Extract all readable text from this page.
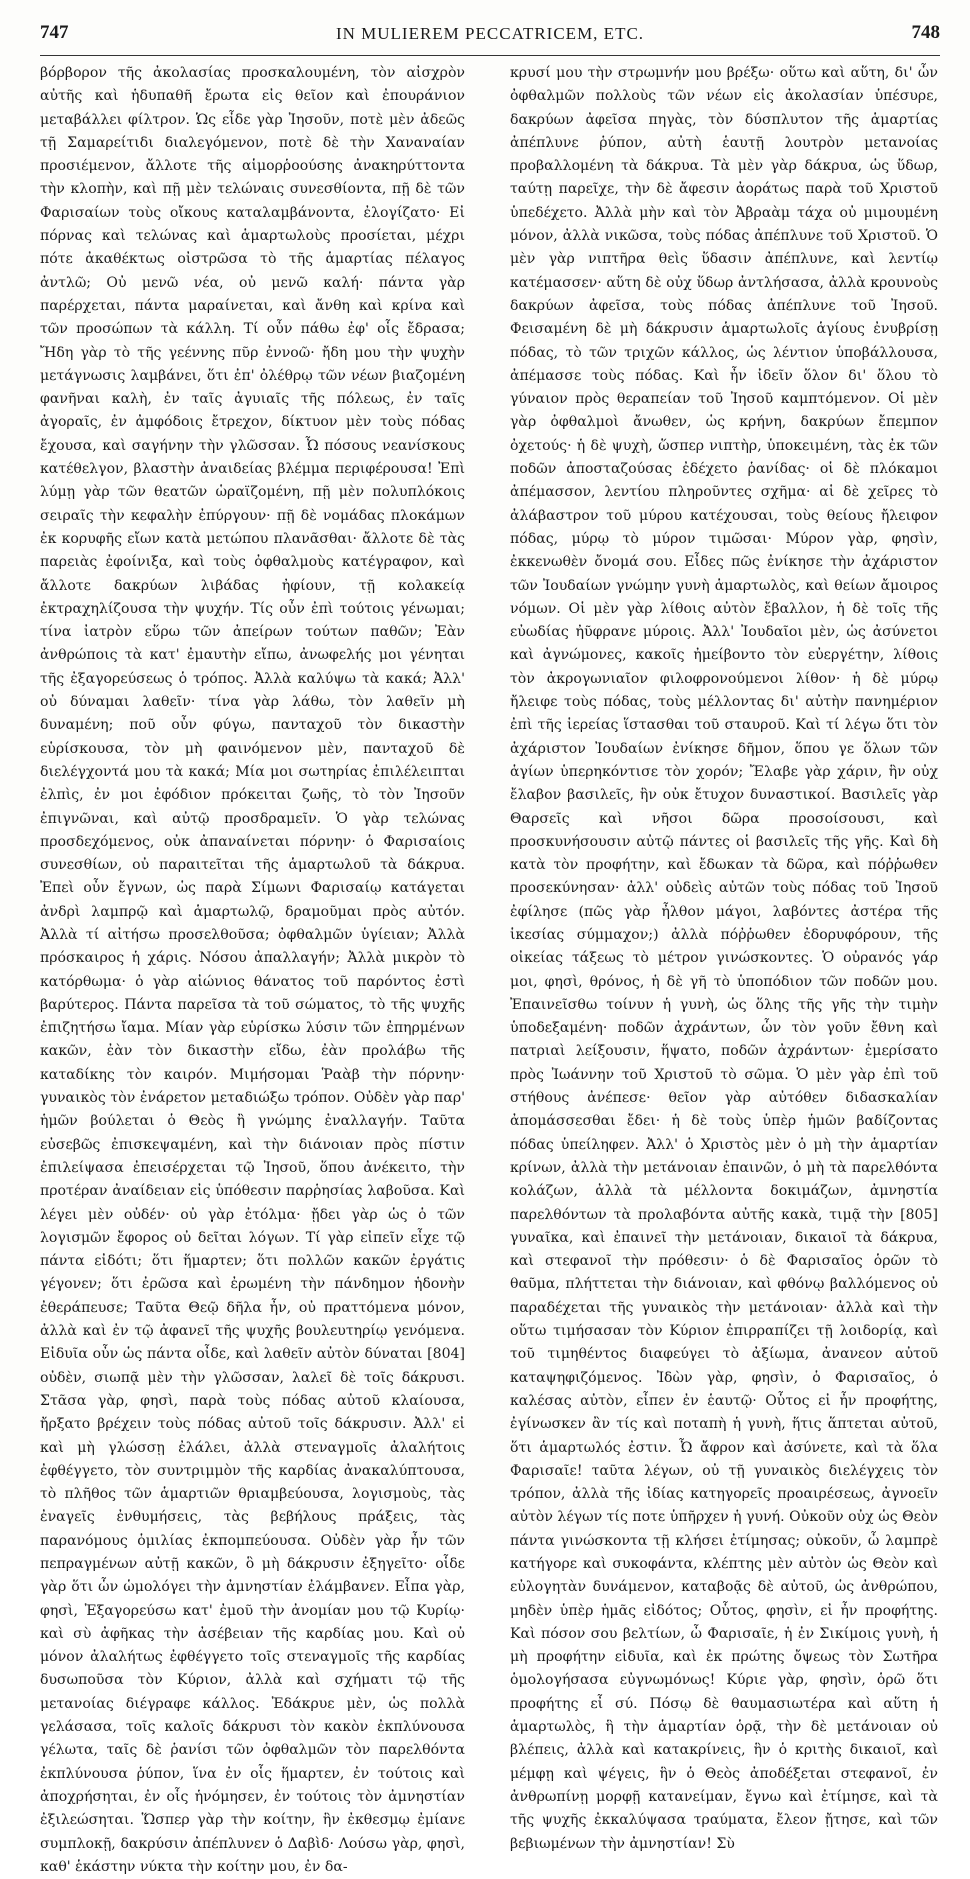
747	IN MULIEREM PECCATRICEM, ETC.	748

βόρβορον τῆς ἀκολασίας προσκαλουμένη, τὸν αἰσχρὸν αὐτῆς καὶ ἡδυπαθῆ ἔρωτα εἰς θεῖον καὶ ἐπουράνιον μεταβάλλει φίλτρον. Ὡς εἶδε γὰρ Ἰησοῦν, ποτὲ μὲν ἀδεῶς τῇ Σαμαρείτιδι διαλεγόμενον, ποτὲ δὲ τὴν Χαναναίαν προσιέμενον, ἄλλοτε τῆς αἱμορῥοούσης ἀνακηρύττοντα τὴν κλοπὴν, καὶ πῇ μὲν τελώναις συνεσθίοντα, πῇ δὲ τῶν Φαρισαίων τοὺς οἴκους καταλαμβάνοντα, ἐλογίζατο· Εἰ πόρνας καὶ τελώνας καὶ ἁμαρτωλοὺς προσίεται, μέχρι πότε ἀκαθέκτως οἰστρῶσα τὸ τῆς ἁμαρτίας πέλαγος ἀντλῶ; Οὐ μενῶ νέα, οὐ μενῶ καλή· πάντα γὰρ παρέρχεται, πάντα μαραίνεται, καὶ ἄνθη καὶ κρίνα καὶ τῶν προσώπων τὰ κάλλη. Τί οὖν πάθω ἐφ' οἷς ἔδρασα; Ἤδη γὰρ τὸ τῆς γεέννης πῦρ ἐννοῶ· ἤδη μου τὴν ψυχὴν μετάγνωσις λαμβάνει, ὅτι ἐπ' ὀλέθρῳ τῶν νέων βιαζομένη φανῆναι καλὴ, ἐν ταῖς ἀγυιαῖς τῆς πόλεως, ἐν ταῖς ἀγοραῖς, ἐν ἀμφόδοις ἔτρεχον, δίκτυον μὲν τοὺς πόδας ἔχουσα, καὶ σαγήνην τὴν γλῶσσαν. Ὦ πόσους νεανίσκους κατέθελγον, βλαστὴν ἀναιδείας βλέμμα περιφέρουσα! Ἐπὶ λύμῃ γὰρ τῶν θεατῶν ὡραϊζομένη, πῇ μὲν πολυπλόκοις σειραῖς τὴν κεφαλὴν ἐπύργουν· πῇ δὲ νομάδας πλοκάμων ἐκ κορυφῆς εἴων κατὰ μετώπου πλανᾶσθαι· ἄλλοτε δὲ τὰς παρειὰς ἐφοίνιξα, καὶ τοὺς ὀφθαλμοὺς κατέγραφον, καὶ ἄλλοτε δακρύων λιβάδας ἠφίουν, τῇ κολακείᾳ ἐκτραχηλίζουσα τὴν ψυχήν. Τίς οὖν ἐπὶ τούτοις γένωμαι; τίνα ἰατρὸν εὕρω τῶν ἀπείρων τούτων παθῶν; Ἐὰν ἀνθρώποις τὰ κατ' ἐμαυτὴν εἴπω, ἀνωφελής μοι γένηται τῆς ἐξαγορεύσεως ὁ τρόπος. Ἀλλὰ καλύψω τὰ κακά; Ἀλλ' οὐ δύναμαι λαθεῖν· τίνα γὰρ λάθω, τὸν λαθεῖν μὴ δυναμένη; ποῦ οὖν φύγω, πανταχοῦ τὸν δικαστὴν εὑρίσκουσα, τὸν μὴ φαινόμενον μὲν, πανταχοῦ δὲ διελέγχοντά μου τὰ κακά; Μία μοι σωτηρίας ἐπιλέλειπται ἐλπὶς, ἐν μοι ἐφόδιον πρόκειται ζωῆς, τὸ τὸν Ἰησοῦν ἐπιγνῶναι, καὶ αὐτῷ προσδραμεῖν. Ὁ γὰρ τελώνας προσδεχόμενος, οὐκ ἀπαναίνεται πόρνην· ὁ Φαρισαίοις συνεσθίων, οὐ παραιτεῖται τῆς ἁμαρτωλοῦ τὰ δάκρυα. Ἐπεὶ οὖν ἔγνων, ὡς παρὰ Σίμωνι Φαρισαίῳ κατάγεται ἀνδρὶ λαμπρῷ καὶ ἁμαρτωλῷ, δραμοῦμαι πρὸς αὐτόν. Ἀλλὰ τί αἰτήσω προσελθοῦσα; ὀφθαλμῶν ὑγίειαν; Ἀλλὰ πρόσκαιρος ἡ χάρις. Νόσου ἀπαλλαγήν; Ἀλλὰ μικρὸν τὸ κατόρθωμα· ὁ γὰρ αἰώνιος θάνατος τοῦ παρόντος ἐστὶ βαρύτερος. Πάντα παρεῖσα τὰ τοῦ σώματος, τὸ τῆς ψυχῆς ἐπιζητήσω ἴαμα. Μίαν γὰρ εὑρίσκω λύσιν τῶν ἐπηρμένων κακῶν, ἐὰν τὸν δικαστὴν εἴδω, ἐὰν προλάβω τῆς καταδίκης τὸν καιρόν. Μιμήσομαι Ῥαὰβ τὴν πόρνην· γυναικὸς τὸν ἐνάρετον μεταδιώξω τρόπον. Οὐδὲν γὰρ παρ' ἡμῶν βούλεται ὁ Θεὸς ἢ γνώμης ἐναλλαγήν. Ταῦτα εὐσεβῶς ἐπισκεψαμένη, καὶ τὴν διάνοιαν πρὸς πίστιν ἐπιλείψασα ἐπεισέρχεται τῷ Ἰησοῦ, ὅπου ἀνέκειτο, τὴν προτέραν ἀναίδειαν εἰς ὑπόθεσιν παρῥησίας λαβοῦσα. Καὶ λέγει μὲν οὐδέν· οὐ γὰρ ἐτόλμα· ᾔδει γὰρ ὡς ὁ τῶν λογισμῶν ἔφορος οὐ δεῖται λόγων. Τί γὰρ εἰπεῖν εἶχε τῷ πάντα εἰδότι; ὅτι ἥμαρτεν; ὅτι πολλῶν κακῶν ἐργάτις γέγονεν; ὅτι ἐρῶσα καὶ ἐρωμένη τὴν πάνδημον ἡδονὴν ἐθεράπευσε; Ταῦτα Θεῷ δῆλα ἦν, οὐ πραττόμενα μόνον, ἀλλὰ καὶ ἐν τῷ ἀφανεῖ τῆς ψυχῆς βουλευτηρίῳ γενόμενα. Εἰδυῖα οὖν ὡς πάντα οἶδε, καὶ λαθεῖν αὐτὸν δύναται [804] οὐδὲν, σιωπᾷ μὲν τὴν γλῶσσαν, λαλεῖ δὲ τοῖς δάκρυσι. Στᾶσα γὰρ, φησὶ, παρὰ τοὺς πόδας αὐτοῦ κλαίουσα, ἤρξατο βρέχειν τοὺς πόδας αὐτοῦ τοῖς δάκρυσιν. Ἀλλ' εἰ καὶ μὴ γλώσσῃ ἐλάλει, ἀλλὰ στεναγμοῖς ἀλαλήτοις ἐφθέγγετο, τὸν συντριμμὸν τῆς καρδίας ἀνακαλύπτουσα, τὸ πλῆθος τῶν ἁμαρτιῶν θριαμβεύουσα, λογισμοὺς, τὰς ἐναγεῖς ἐνθυμήσεις, τὰς βεβήλους πράξεις, τὰς παρανόμους ὁμιλίας ἐκπομπεύουσα. Οὐδὲν γὰρ ἦν τῶν πεπραγμένων αὐτῇ κακῶν, ὃ μὴ δάκρυσιν ἐξηγεῖτο· οἷδε γὰρ ὅτι ὧν ὡμολόγει τὴν ἀμνηστίαν ἐλάμβανεν. Εἶπα γὰρ, φησὶ, Ἐξαγορεύσω κατ' ἐμοῦ τὴν ἀνομίαν μου τῷ Κυρίῳ· καὶ σὺ ἀφῆκας τὴν ἀσέβειαν τῆς καρδίας μου. Καὶ οὐ μόνον ἀλαλήτως ἐφθέγγετο τοῖς στεναγμοῖς τῆς καρδίας δυσωποῦσα τὸν Κύριον, ἀλλὰ καὶ σχήματι τῷ τῆς μετανοίας διέγραφε κάλλος. Ἐδάκρυε μὲν, ὡς πολλὰ γελάσασα, τοῖς καλοῖς δάκρυσι τὸν κακὸν ἐκπλύνουσα γέλωτα, ταῖς δὲ ῥανίσι τῶν ὀφθαλμῶν τὸν παρελθόντα ἐκπλύνουσα ῥύπον, ἵνα ἐν οἷς ἥμαρτεν, ἐν τούτοις καὶ ἀποχρήσηται, ἐν οἷς ἡνόμησεν, ἐν τούτοις τὸν ἀμνηστίαν ἐξιλεώσηται. Ὥσπερ γὰρ τὴν κοίτην, ἣν ἐκθεσμῳ ἐμίανε συμπλοκῇ, δακρύσιν ἀπέπλυνεν ὁ Δαβὶδ· Λούσω γὰρ, φησὶ, καθ' ἑκάστην νύκτα τὴν κοίτην μου, ἐν δα-

κρυσί μου τὴν στρωμνήν μου βρέξω· οὕτω καὶ αὕτη, δι' ὧν ὀφθαλμῶν πολλοὺς τῶν νέων εἰς ἀκολασίαν ὑπέσυρε, δακρύων ἀφεῖσα πηγὰς, τὸν δύσπλυτον τῆς ἁμαρτίας ἀπέπλυνε ῥύπον, αὐτὴ ἑαυτῇ λουτρὸν μετανοίας προβαλλομένη τὰ δάκρυα. Τὰ μὲν γὰρ δάκρυα, ὡς ὕδωρ, ταύτῃ παρεῖχε, τὴν δὲ ἄφεσιν ἀοράτως παρὰ τοῦ Χριστοῦ ὑπεδέχετο. Ἀλλὰ μὴν καὶ τὸν Ἀβραὰμ τάχα οὐ μιμουμένη μόνον, ἀλλὰ νικῶσα, τοὺς πόδας ἀπέπλυνε τοῦ Χριστοῦ. Ὁ μὲν γὰρ νιπτῆρα θεὶς ὕδασιν ἀπέπλυνε, καὶ λεντίῳ κατέμασσεν· αὕτη δὲ οὐχ ὕδωρ ἀντλήσασα, ἀλλὰ κρουνοὺς δακρύων ἀφεῖσα, τοὺς πόδας ἀπέπλυνε τοῦ Ἰησοῦ. Φεισαμένη δὲ μὴ δάκρυσιν ἁμαρτωλοῖς ἁγίους ἐνυβρίσῃ πόδας, τὸ τῶν τριχῶν κάλλος, ὡς λέντιον ὑποβάλλουσα, ἀπέμασσε τοὺς πόδας. Καὶ ἦν ἰδεῖν ὅλον δι' ὅλου τὸ γύναιον πρὸς θεραπείαν τοῦ Ἰησοῦ καμπτόμενον. Οἱ μὲν γὰρ ὀφθαλμοὶ ἄνωθεν, ὡς κρήνη, δακρύων ἔπεμπον ὀχετούς· ἡ δὲ ψυχὴ, ὥσπερ νιπτὴρ, ὑποκειμένη, τὰς ἐκ τῶν ποδῶν ἀποσταζούσας ἐδέχετο ῥανίδας· οἱ δὲ πλόκαμοι ἀπέμασσον, λεντίου πληροῦντες σχῆμα· αἱ δὲ χεῖρες τὸ ἀλάβαστρον τοῦ μύρου κατέχουσαι, τοὺς θείους ἤλειφον πόδας, μύρῳ τὸ μύρον τιμῶσαι· Μύρον γὰρ, φησὶν, ἐκκενωθὲν ὄνομά σου. Εἶδες πῶς ἐνίκησε τὴν ἀχάριστον τῶν Ἰουδαίων γνώμην γυνὴ ἁμαρτωλὸς, καὶ θείων ἄμοιρος νόμων. Οἱ μὲν γὰρ λίθοις αὐτὸν ἔβαλλον, ἡ δὲ τοῖς τῆς εὐωδίας ἠῦφρανε μύροις. Ἀλλ' Ἰουδαῖοι μὲν, ὡς ἀσύνετοι καὶ ἀγνώμονες, κακοῖς ἠμείβοντο τὸν εὐεργέτην, λίθοις τὸν ἀκρογωνιαῖον φιλοφρονούμενοι λίθον· ἡ δὲ μύρῳ ἤλειφε τοὺς πόδας, τοὺς μέλλοντας δι' αὐτὴν πανημέριον ἐπὶ τῆς ἱερείας ἵστασθαι τοῦ σταυροῦ. Καὶ τί λέγω ὅτι τὸν ἀχάριστον Ἰουδαίων ἐνίκησε δῆμον, ὅπου γε ὅλων τῶν ἁγίων ὑπερηκόντισε τὸν χορόν; Ἔλαβε γὰρ χάριν, ἣν οὐχ ἔλαβον βασιλεῖς, ἣν οὐκ ἔτυχον δυναστικοί. Βασιλεῖς γὰρ Θαρσεῖς καὶ νῆσοι δῶρα προσοίσουσι, καὶ προσκυνήσουσιν αὐτῷ πάντες οἱ βασιλεῖς τῆς γῆς. Καὶ δὴ κατὰ τὸν προφήτην, καὶ ἔδωκαν τὰ δῶρα, καὶ πόῤῥωθεν προσεκύνησαν· ἀλλ' οὐδεὶς αὐτῶν τοὺς πόδας τοῦ Ἰησοῦ ἐφίλησε (πῶς γὰρ ἦλθον μάγοι, λαβόντες ἀστέρα τῆς ἱκεσίας σύμμαχον;) ἀλλὰ πόῤῥωθεν ἐδορυφόρουν, τῆς οἰκείας τάξεως τὸ μέτρον γινώσκοντες. Ὁ οὐρανός γάρ μοι, φησὶ, θρόνος, ἡ δὲ γῆ τὸ ὑποπόδιον τῶν ποδῶν μου. Ἐπαινεῖσθω τοίνυν ἡ γυνὴ, ὡς ὅλης τῆς γῆς τὴν τιμὴν ὑποδεξαμένη· ποδῶν ἀχράντων, ὧν τὸν γοῦν ἔθνη καὶ πατριαὶ λείξουσιν, ἥψατο, ποδῶν ἀχράντων· ἐμερίσατο πρὸς Ἰωάννην τοῦ Χριστοῦ τὸ σῶμα. Ὁ μὲν γὰρ ἐπὶ τοῦ στήθους ἀνέπεσε· θεῖον γὰρ αὐτόθεν διδασκαλίαν ἀπομάσσεσθαι ἔδει· ἡ δὲ τοὺς ὑπὲρ ἡμῶν βαδίζοντας πόδας ὑπείληφεν. Ἀλλ' ὁ Χριστὸς μὲν ὁ μὴ τὴν ἁμαρτίαν κρίνων, ἀλλὰ τὴν μετάνοιαν ἐπαινῶν, ὁ μὴ τὰ παρελθόντα κολάζων, ἀλλὰ τὰ μέλλοντα δοκιμάζων, ἀμνηστία παρελθόντων τὰ προλαβόντα αὐτῆς κακὰ, τιμᾷ τὴν [805] γυναῖκα, καὶ ἐπαινεῖ τὴν μετάνοιαν, δικαιοῖ τὰ δάκρυα, καὶ στεφανοῖ τὴν πρόθεσιν· ὁ δὲ Φαρισαῖος ὁρῶν τὸ θαῦμα, πλήττεται τὴν διάνοιαν, καὶ φθόνῳ βαλλόμενος οὐ παραδέχεται τῆς γυναικὸς τὴν μετάνοιαν· ἀλλὰ καὶ τὴν οὕτω τιμήσασαν τὸν Κύριον ἐπιρραπίζει τῇ λοιδορίᾳ, καὶ τοῦ τιμηθέντος διαφεύγει τὸ ἀξίωμα, ἀνανεον αὐτοῦ καταψηφιζόμενος. Ἰδὼν γὰρ, φησὶν, ὁ Φαρισαῖος, ὁ καλέσας αὐτὸν, εἶπεν ἐν ἑαυτῷ· Οὗτος εἰ ἦν προφήτης, ἐγίνωσκεν ἂν τίς καὶ ποταπὴ ἡ γυνὴ, ἥτις ἅπτεται αὐτοῦ, ὅτι ἁμαρτωλός ἐστιν. Ὦ ἄφρον καὶ ἀσύνετε, καὶ τὰ ὅλα Φαρισαῖε! ταῦτα λέγων, οὐ τῇ γυναικὸς διελέγχεις τὸν τρόπον, ἀλλὰ τῆς ἰδίας κατηγορεῖς προαιρέσεως, ἀγνοεῖν αὐτὸν λέγων τίς ποτε ὑπῆρχεν ἡ γυνή. Οὐκοῦν οὐχ ὡς Θεὸν πάντα γινώσκοντα τῇ κλήσει ἐτίμησας; οὐκοῦν, ὦ λαμπρὲ κατήγορε καὶ συκοφάντα, κλέπτης μὲν αὐτὸν ὡς Θεὸν καὶ εὐλογητὰν δυνάμενον, καταβοᾷς δὲ αὐτοῦ, ὡς ἀνθρώπου, μηδὲν ὑπὲρ ἡμᾶς εἰδότος; Οὗτος, φησὶν, εἰ ἦν προφήτης. Καὶ πόσον σου βελτίων, ὦ Φαρισαῖε, ἡ ἐν Σικίμοις γυνὴ, ἡ μὴ προφήτην εἰδυῖα, καὶ ἐκ πρώτης ὄψεως τὸν Σωτῆρα ὁμολογήσασα εὐγνωμόνως! Κύριε γὰρ, φησὶν, ὁρῶ ὅτι προφήτης εἶ σύ. Πόσῳ δὲ θαυμασιωτέρα καὶ αὕτη ἡ ἁμαρτωλὸς, ἣ τὴν ἁμαρτίαν ὁρᾷ, τὴν δὲ μετάνοιαν οὐ βλέπεις, ἀλλὰ καὶ κατακρίνεις, ἣν ὁ κριτὴς δικαιοῖ, καὶ μέμφῃ καὶ ψέγεις, ἣν ὁ Θεὸς ἀποδέξεται στεφανοῖ, ἐν ἀνθρωπίνῃ μορφῇ κατανείμαν, ἔγνω καὶ ἐτίμησε, καὶ τὰ τῆς ψυχῆς ἐκκαλύψασα τραύματα, ἔλεον ᾔτησε, καὶ τῶν βεβιωμένων τὴν ἀμνηστίαν! Σὺ
